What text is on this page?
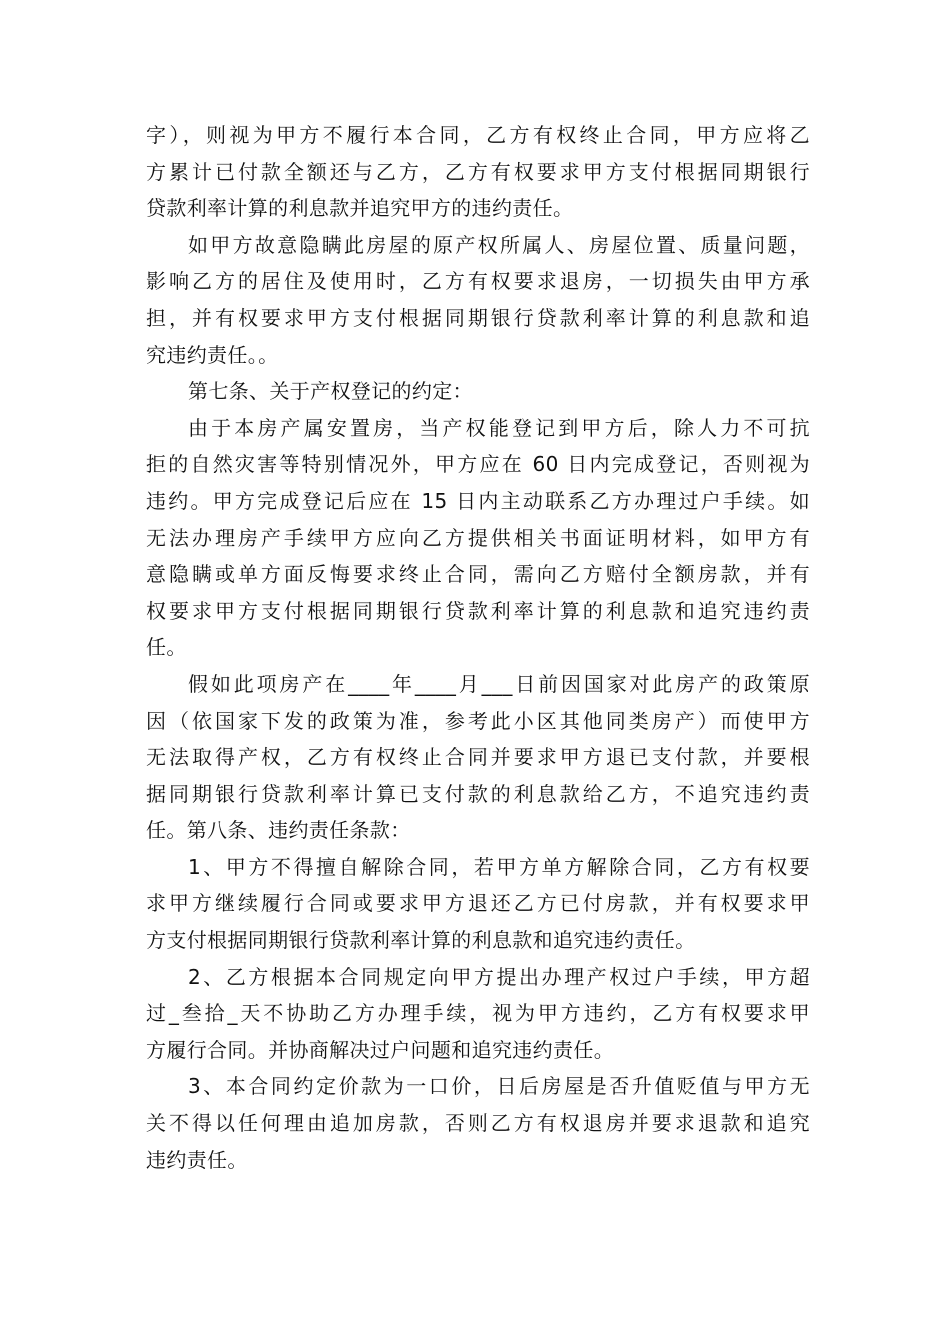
字），则视为甲方不履行本合同，乙方有权终止合同，甲方应将乙
方累计已付款全额还与乙方，乙方有权要求甲方支付根据同期银行
贷款利率计算的利息款并追究甲方的违约责任。
如甲方故意隐瞒此房屋的原产权所属人、房屋位置、质量问题，
影响乙方的居住及使用时，乙方有权要求退房，一切损失由甲方承
担，并有权要求甲方支付根据同期银行贷款利率计算的利息款和追
究违约责任。。
第七条、关于产权登记的约定：
由于本房产属安置房，当产权能登记到甲方后，除人力不可抗
拒的自然灾害等特别情况外，甲方应在 60 日内完成登记，否则视为
违约。甲方完成登记后应在 15 日内主动联系乙方办理过户手续。如
无法办理房产手续甲方应向乙方提供相关书面证明材料，如甲方有
意隐瞒或单方面反悔要求终止合同，需向乙方赔付全额房款，并有
权要求甲方支付根据同期银行贷款利率计算的利息款和追究违约责
任。
假如此项房产在____年____月___日前因国家对此房产的政策原
因（依国家下发的政策为准，参考此小区其他同类房产）而使甲方
无法取得产权，乙方有权终止合同并要求甲方退已支付款，并要根
据同期银行贷款利率计算已支付款的利息款给乙方，不追究违约责
任。第八条、违约责任条款：
1、甲方不得擅自解除合同，若甲方单方解除合同，乙方有权要
求甲方继续履行合同或要求甲方退还乙方已付房款，并有权要求甲
方支付根据同期银行贷款利率计算的利息款和追究违约责任。
2、乙方根据本合同规定向甲方提出办理产权过户手续，甲方超
过_叁拾_天不协助乙方办理手续，视为甲方违约，乙方有权要求甲
方履行合同。并协商解决过户问题和追究违约责任。
3、本合同约定价款为一口价，日后房屋是否升值贬值与甲方无
关不得以任何理由追加房款，否则乙方有权退房并要求退款和追究
违约责任。
